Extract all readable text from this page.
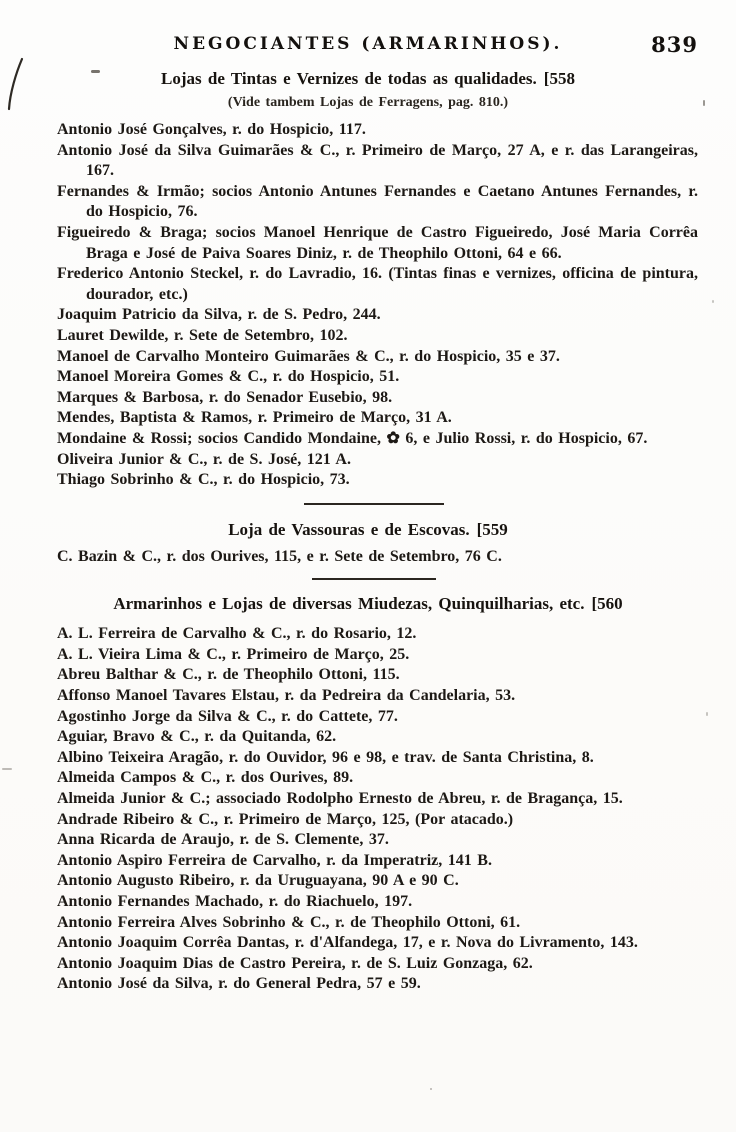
NEGOCIANTES (ARMARINHOS).	839
Lojas de Tintas e Vernizes de todas as qualidades. [558

(Vide tambem Lojas de Ferragens, pag. 810.)

Antonio José Gonçalves, r. do Hospicio, 117.
Antonio José da Silva Guimarães & C., r. Primeiro de Março, 27 A, e r. das Larangeiras, 167.
Fernandes & Irmão; socios Antonio Antunes Fernandes e Caetano Antunes Fernandes, r. do Hospicio, 76.
Figueiredo & Braga; socios Manoel Henrique de Castro Figueiredo, José Maria Corrêa Braga e José de Paiva Soares Diniz, r. de Theophilo Ottoni, 64 e 66.
Frederico Antonio Steckel, r. do Lavradio, 16. (Tintas finas e vernizes, officina de pintura, dourador, etc.)
Joaquim Patricio da Silva, r. de S. Pedro, 244.
Lauret Dewilde, r. Sete de Setembro, 102.
Manoel de Carvalho Monteiro Guimarães & C., r. do Hospicio, 35 e 37.
Manoel Moreira Gomes & C., r. do Hospicio, 51.
Marques & Barbosa, r. do Senador Eusebio, 98.
Mendes, Baptista & Ramos, r. Primeiro de Março, 31 A.
Mondaine & Rossi; socios Candido Mondaine, ✿ 6, e Julio Rossi, r. do Hospicio, 67.
Oliveira Junior & C., r. de S. José, 121 A.
Thiago Sobrinho & C., r. do Hospicio, 73.
Loja de Vassouras e de Escovas. [559
C. Bazin & C., r. dos Ourives, 115, e r. Sete de Setembro, 76 C.
Armarinhos e Lojas de diversas Miudezas, Quinquilharias, etc. [560
A. L. Ferreira de Carvalho & C., r. do Rosario, 12.
A. L. Vieira Lima & C., r. Primeiro de Março, 25.
Abreu Balthar & C., r. de Theophilo Ottoni, 115.
Affonso Manoel Tavares Elstau, r. da Pedreira da Candelaria, 53.
Agostinho Jorge da Silva & C., r. do Cattete, 77.
Aguiar, Bravo & C., r. da Quitanda, 62.
Albino Teixeira Aragão, r. do Ouvidor, 96 e 98, e trav. de Santa Christina, 8.
Almeida Campos & C., r. dos Ourives, 89.
Almeida Junior & C.; associado Rodolpho Ernesto de Abreu, r. de Bragança, 15.
Andrade Ribeiro & C., r. Primeiro de Março, 125, (Por atacado.)
Anna Ricarda de Araujo, r. de S. Clemente, 37.
Antonio Aspiro Ferreira de Carvalho, r. da Imperatriz, 141 B.
Antonio Augusto Ribeiro, r. da Uruguayana, 90 A e 90 C.
Antonio Fernandes Machado, r. do Riachuelo, 197.
Antonio Ferreira Alves Sobrinho & C., r. de Theophilo Ottoni, 61.
Antonio Joaquim Corrêa Dantas, r. d'Alfandega, 17, e r. Nova do Livramento, 143.
Antonio Joaquim Dias de Castro Pereira, r. de S. Luiz Gonzaga, 62.
Antonio José da Silva, r. do General Pedra, 57 e 59.
